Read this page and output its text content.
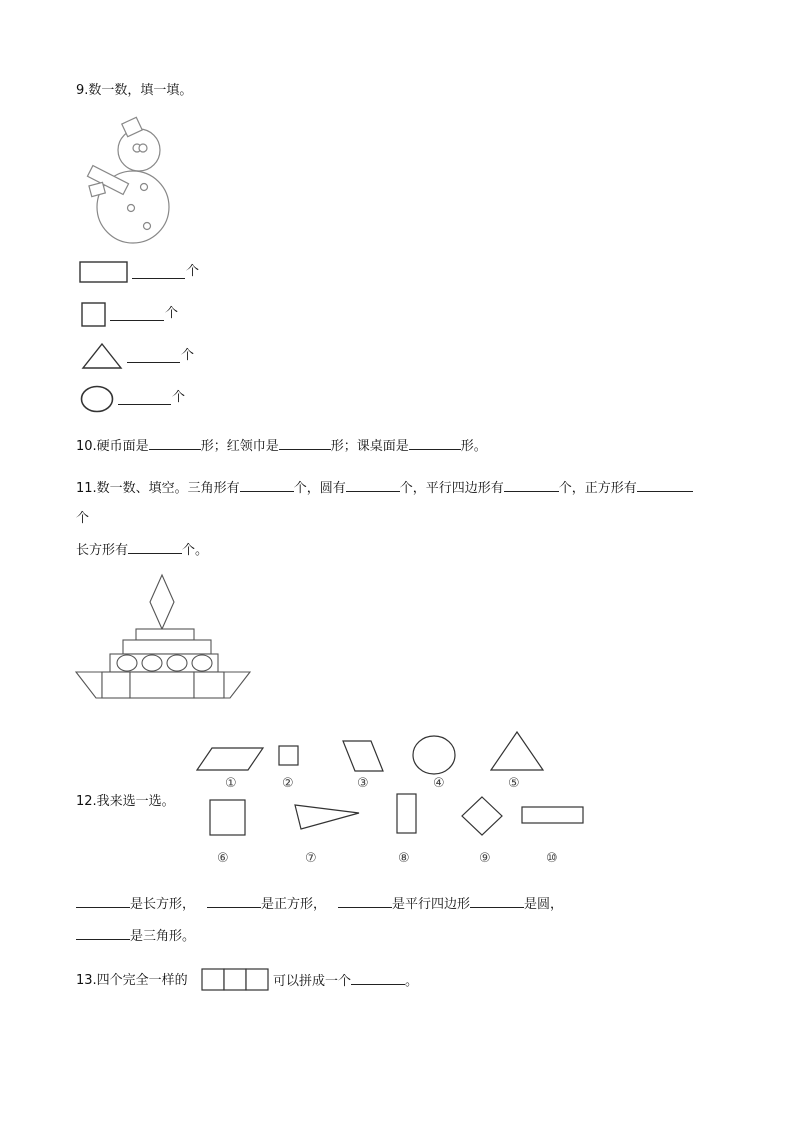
9.数一数，填一填。
个
个
个
个
10.硬币面是	形；红领巾是	形；课桌面是	形。
11.数一数、填空。三角形有	个，圆有	个，平行四边形有	个，正方形有
个
长方形有	个。
12.我来选一选。
①	②	③	④	⑤
⑥	⑦	⑧	⑨	⑩
是长方形，	是正方形，	是平行四边形	是圆，
是三角形。
13.四个完全一样的	可以拼成一个	。
